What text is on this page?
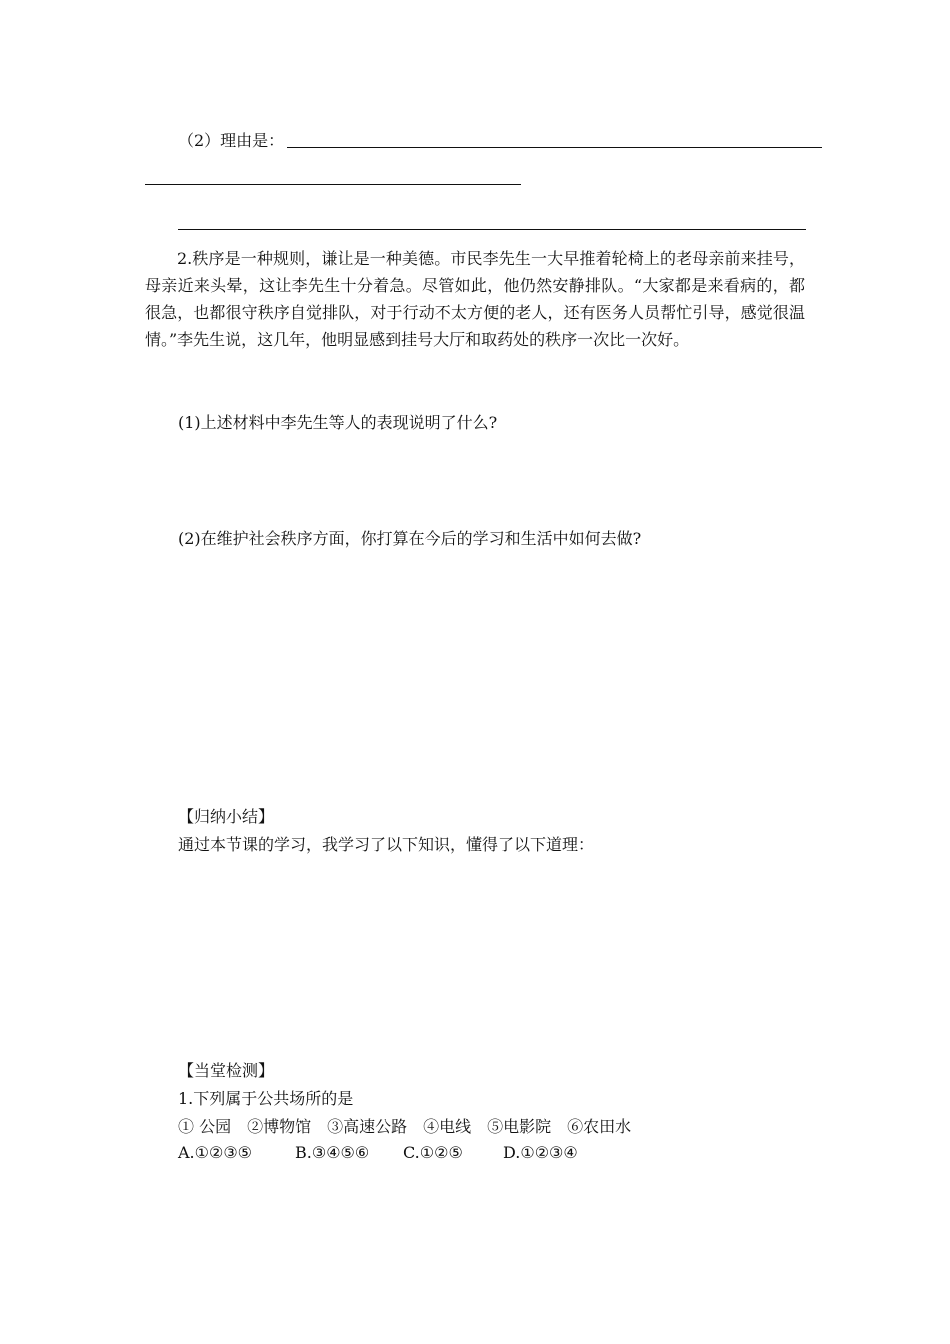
（2）理由是：

2.秩序是一种规则，谦让是一种美德。市民李先生一大早推着轮椅上的老母亲前来挂号，母亲近来头晕，这让李先生十分着急。尽管如此，他仍然安静排队。“大家都是来看病的，都很急，也都很守秩序自觉排队，对于行动不太方便的老人，还有医务人员帮忙引导，感觉很温情。”李先生说，这几年，他明显感到挂号大厅和取药处的秩序一次比一次好。

(1)上述材料中李先生等人的表现说明了什么?
(2)在维护社会秩序方面，你打算在今后的学习和生活中如何去做?
【归纳小结】
通过本节课的学习，我学习了以下知识，懂得了以下道理：
【当堂检测】
1.下列属于公共场所的是
① 公园　②博物馆　③高速公路　④电线　⑤电影院　⑥农田水
A.①②③⑤	B.③④⑤⑥ C.①②⑤	D.①②③④
